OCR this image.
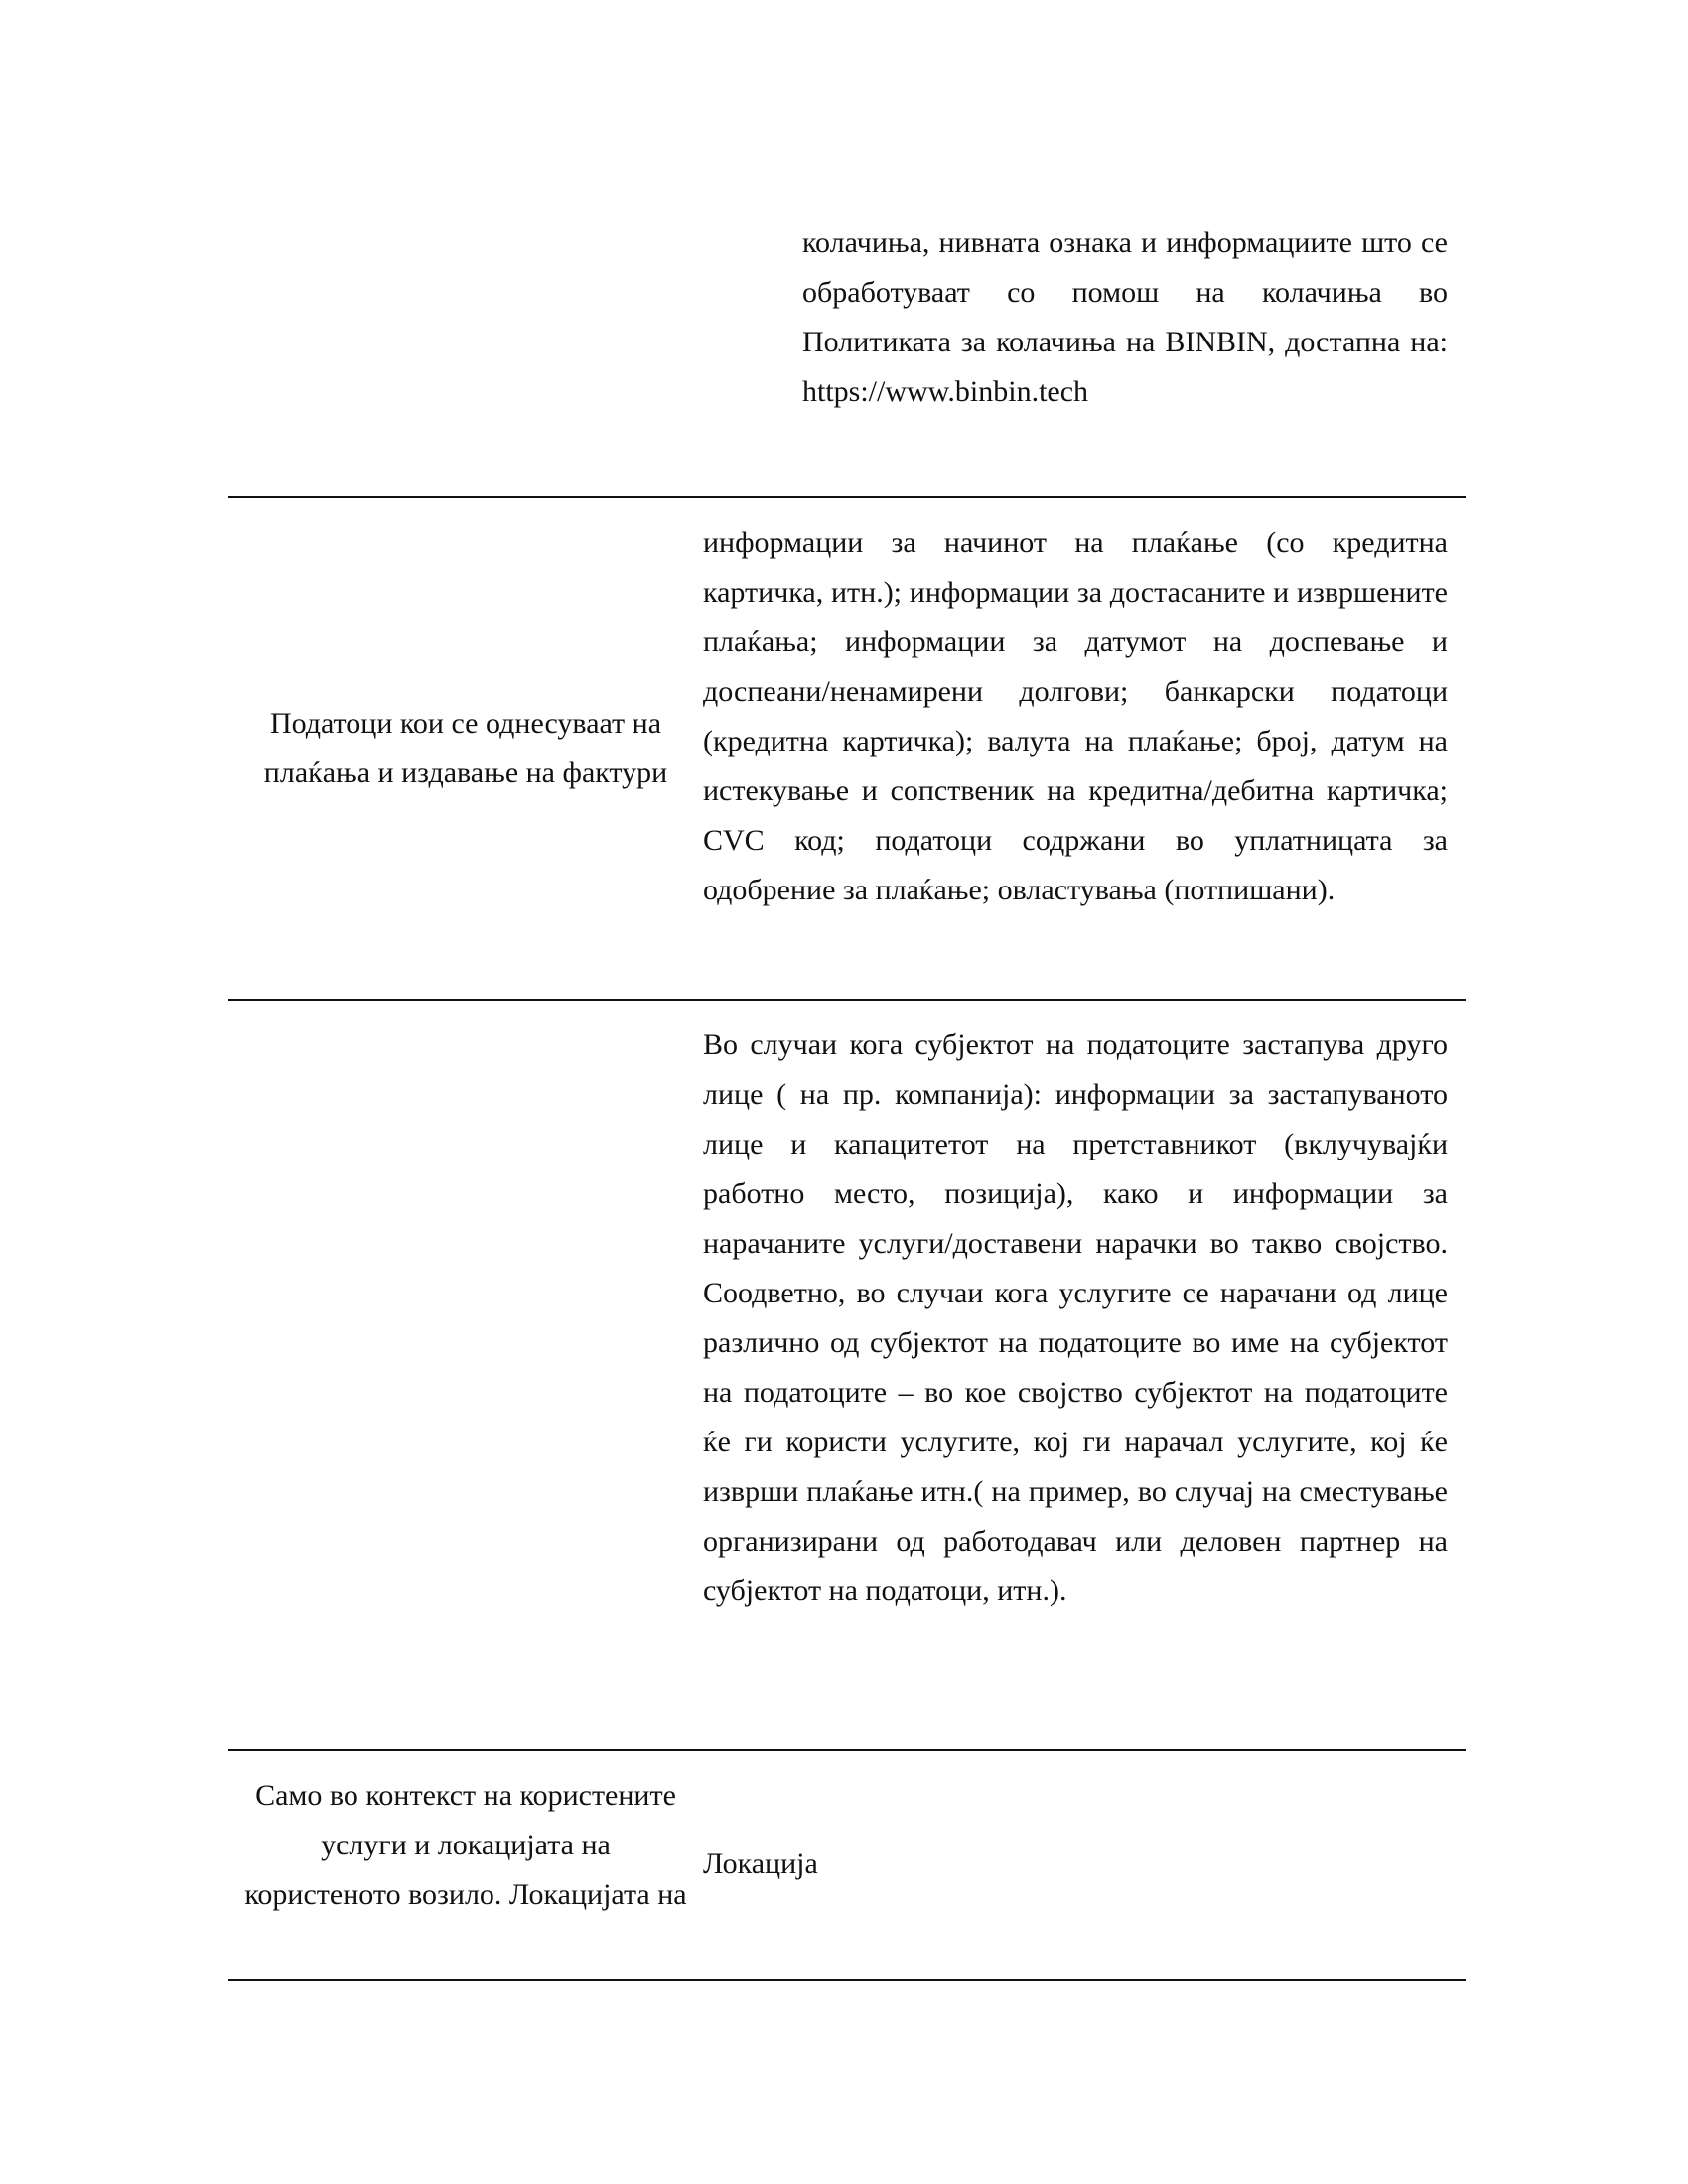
колачиња, нивната ознака и информациите што се обработуваат со помош на колачиња во Политиката за колачиња на BINBIN, достапна на: https://www.binbin.tech

Податоци кои се однесуваат на плаќања и издавање на фактури
информации за начинот на плаќање (со кредитна картичка, итн.); информации за достасаните и извршените плаќања; информации за датумот на доспевање и доспеани/ненамирени долгови; банкарски податоци (кредитна картичка); валута на плаќање; број, датум на истекување и сопственик на кредитна/дебитна картичка; CVC код; податоци содржани во уплатницата за одобрение за плаќање; овластувања (потпишани).
Во случаи кога субјектот на податоците застапува друго лице ( на пр. компанија): информации за застапуваното лице и капацитетот на претставникот (вклучувајќи работно место, позиција), како и информации за нарачаните услуги/доставени нарачки во такво својство. Соодветно, во случаи кога услугите се нарачани од лице различно од субјектот на податоците во име на субјектот на податоците – во кое својство субјектот на податоците ќе ги користи услугите, кој ги нарачал услугите, кој ќе изврши плаќање итн.( на пример, во случај на сместување организирани од работодавач или деловен партнер на субјектот на податоци, итн.).
Само во контекст на користените услуги и локацијата на користеното возило. Локацијата на
Локација
